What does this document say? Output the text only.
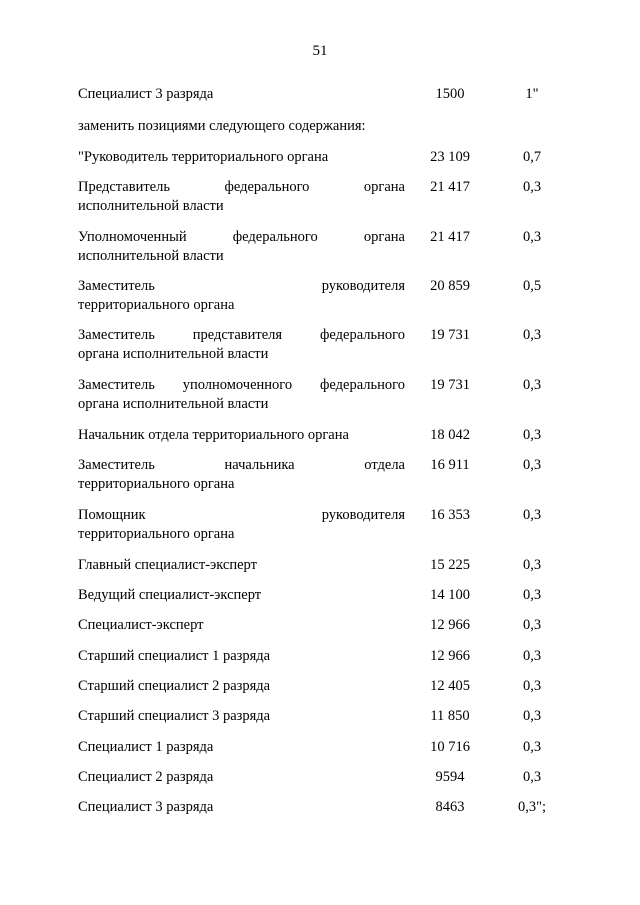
51
Специалист 3 разряда	1500	1"
заменить позициями следующего содержания:
"Руководитель территориального органа	23 109	0,7
Представитель федерального органа
исполнительной власти
21 417	0,3
Уполномоченный федерального органа
исполнительной власти
21 417	0,3
Заместитель руководителя
территориального органа
20 859	0,5
Заместитель представителя федерального
органа исполнительной власти
19 731	0,3
Заместитель уполномоченного федерального
органа исполнительной власти
19 731	0,3
Начальник отдела территориального органа	18 042	0,3
Заместитель начальника отдела
территориального органа
16 911	0,3
Помощник руководителя
территориального органа
16 353	0,3
Главный специалист-эксперт	15 225	0,3
Ведущий специалист-эксперт	14 100	0,3
Специалист-эксперт	12 966	0,3
Старший специалист 1 разряда	12 966	0,3
Старший специалист 2 разряда	12 405	0,3
Старший специалист 3 разряда	11 850	0,3
Специалист 1 разряда	10 716	0,3
Специалист 2 разряда	9594	0,3
Специалист 3 разряда	8463	0,3";
